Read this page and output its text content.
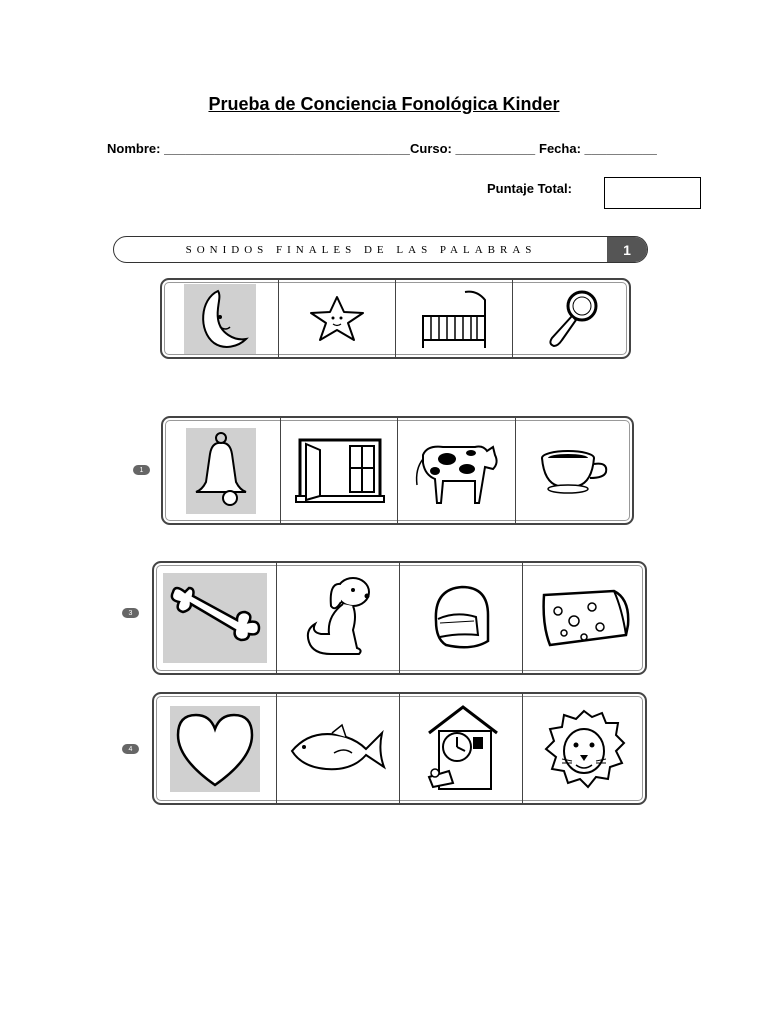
Prueba de Conciencia Fonológica Kinder
Nombre: __________________________________ Curso: ___________ Fecha: __________
Puntaje Total:
SONIDOS FINALES DE LAS PALABRAS	1
1
3
4
